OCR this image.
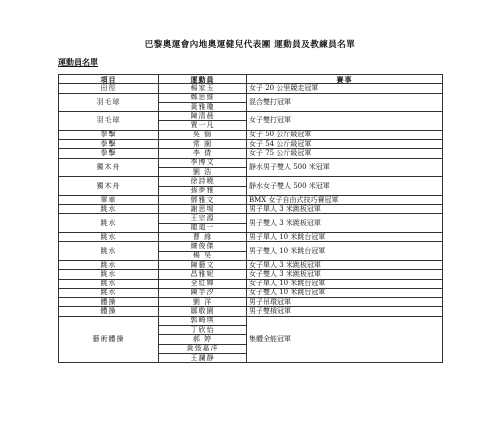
巴黎奧運會內地奧運健兒代表團 運動員及教練員名單
運動員名單
項目	運動員	賽事
田徑	楊家玉	女子 20 公里競走冠軍
羽毛球	鄭思維	混合雙打冠軍
	黃雅瓊	
羽毛球	陳清晨	女子雙打冠軍
	賈一凡	
拳擊	吳 愉	女子 50 公斤級冠軍
拳擊	常 園	女子 54 公斤級冠軍
拳擊	李 倩	女子 75 公斤級冠軍
獨木舟	李博文	靜水男子雙人 500 米冠軍
	劉 浩	
獨木舟	徐詩曉	靜水女子雙人 500 米冠軍
	孫夢雅	
單車	鄧雅文	BMX 女子自由式技巧賽冠軍
跳水	謝思埸	男子單人 3 米跳板冠軍
跳水	王宗源	男子雙人 3 米跳板冠軍
	龍道一	
跳水	曹 緣	男子單人 10 米跳台冠軍
跳水	練俊傑	男子雙人 10 米跳台冠軍
	楊 昊	
跳水	陳藝文	女子單人 3 米跳板冠軍
跳水	昌雅妮	女子雙人 3 米跳板冠軍
跳水	全紅嬋	女子單人 10 米跳台冠軍
跳水	陳芋汐	女子雙人 10 米跳台冠軍
體操	劉 洋	男子吊環冠軍
體操	鄒敬園	男子雙槓冠軍
藝術體操	郭崎琪	集體全能冠軍
	丁欣怡	
	郝 婷	
	黃張嘉洋	
	王瀾靜	
